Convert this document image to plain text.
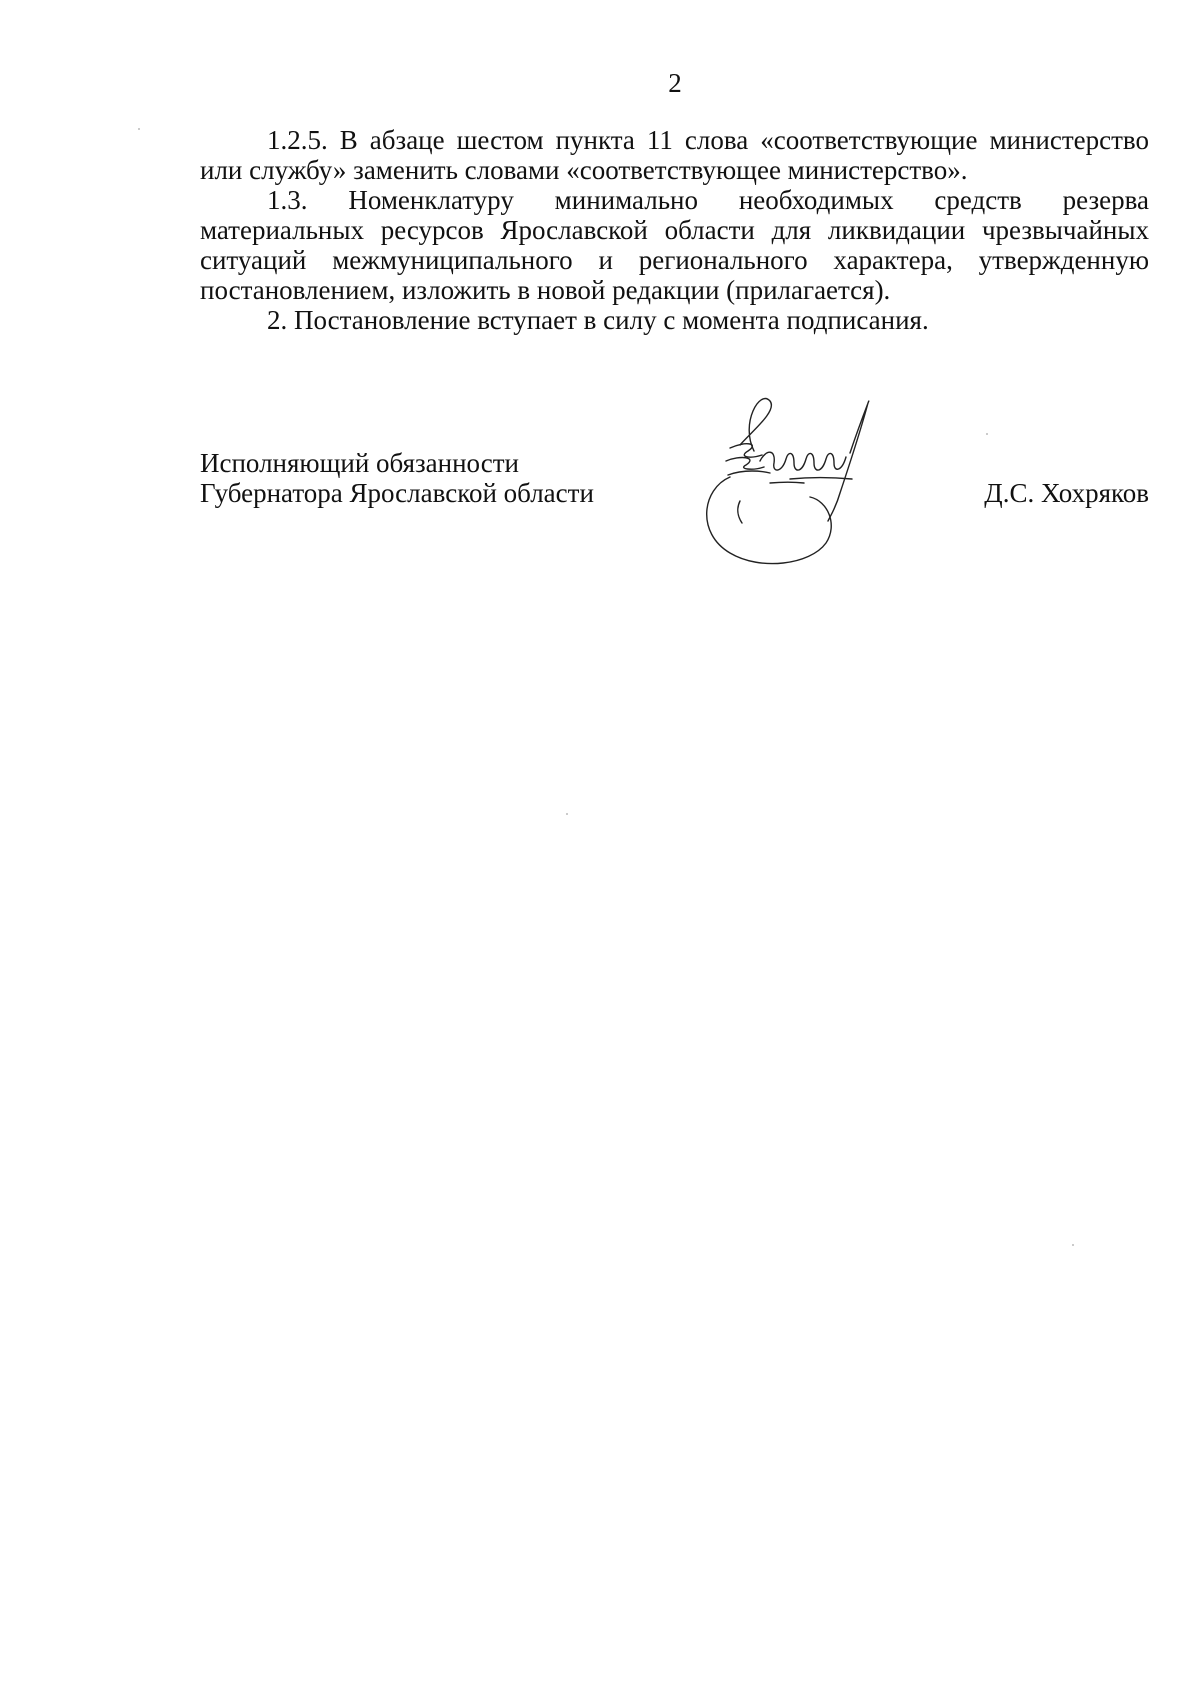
2

1.2.5. В абзаце шестом пункта 11 слова «соответствующие министерство или службу» заменить словами «соответствующее министерство».

1.3. Номенклатуру минимально необходимых средств резерва материальных ресурсов Ярославской области для ликвидации чрезвычайных ситуаций межмуниципального и регионального характера, утвержденную постановлением, изложить в новой редакции (прилагается).

2. Постановление вступает в силу с момента подписания.

Исполняющий обязанности
Губернатора Ярославской области	Д.С. Хохряков
